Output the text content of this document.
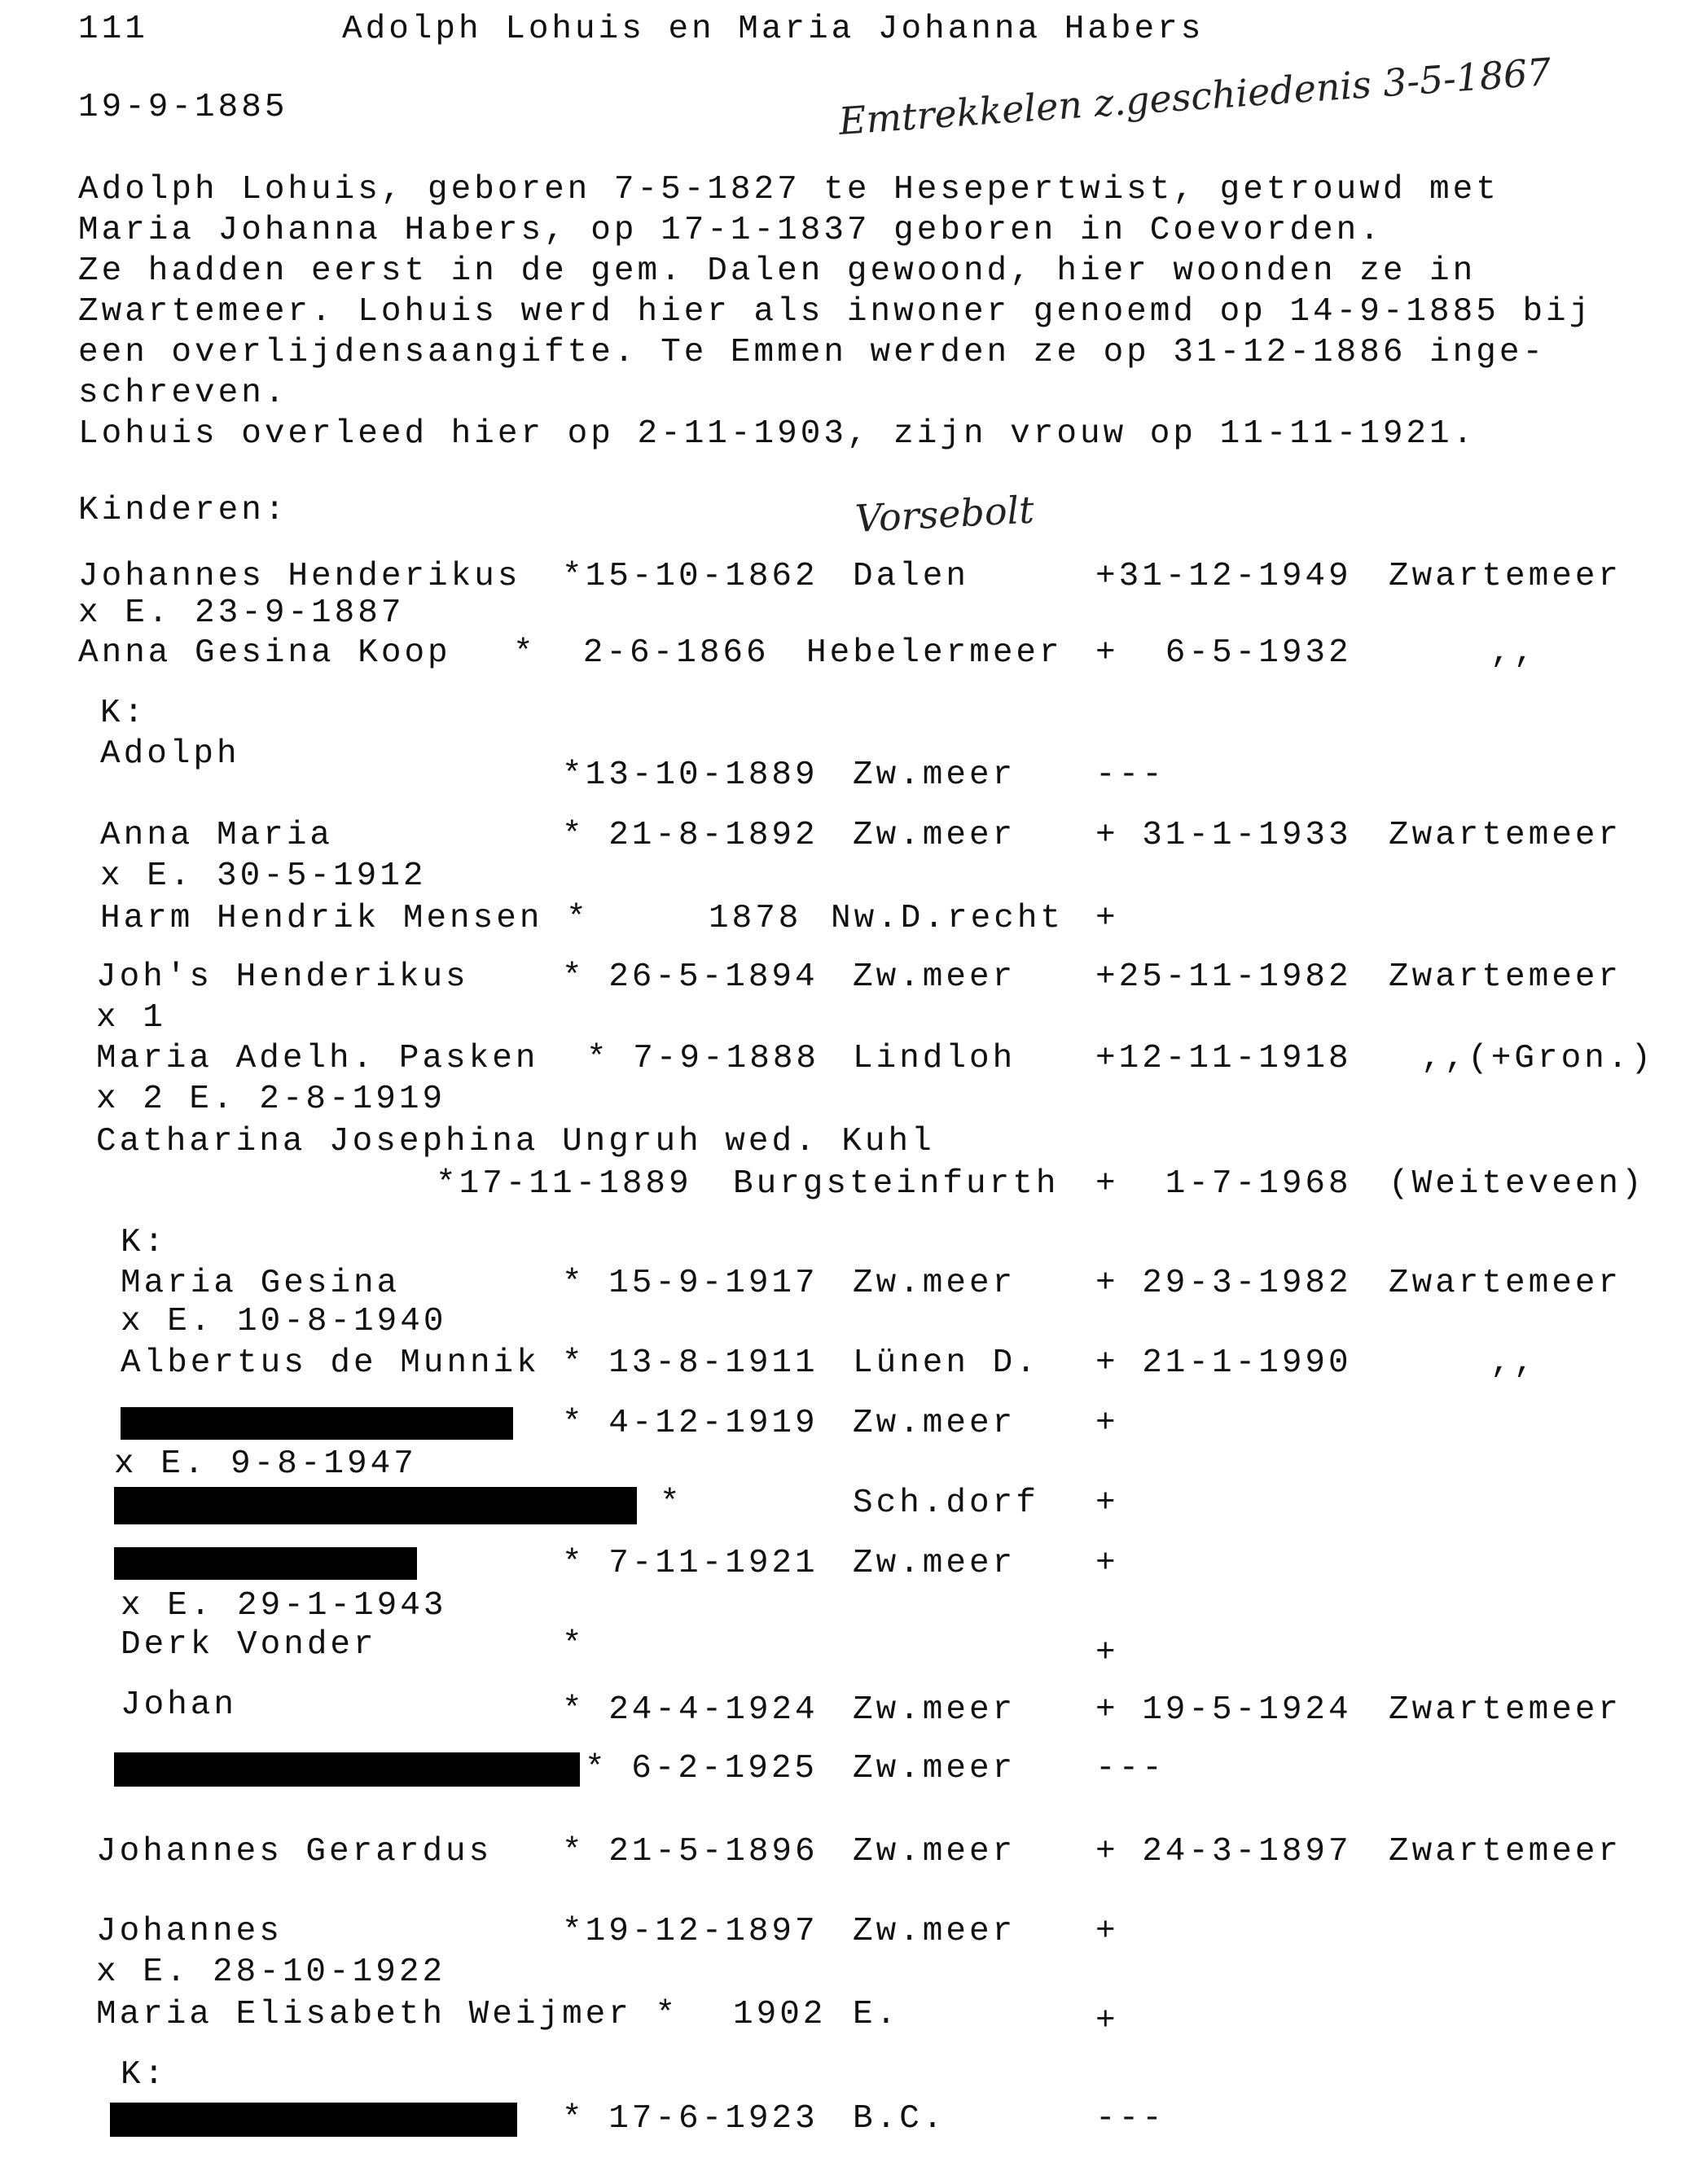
111	Adolph Lohuis en Maria Johanna Habers
19-9-1885	Emtrekkelen z.geschiedenis 3-5-1867
Vorsebolt
Adolph Lohuis, geboren 7-5-1827 te Hesepertwist, getrouwd met
Maria Johanna Habers, op 17-1-1837 geboren in Coevorden.
Ze hadden eerst in de gem. Dalen gewoond, hier woonden ze in
Zwartemeer. Lohuis werd hier als inwoner genoemd op 14-9-1885 bij
een overlijdensaangifte. Te Emmen werden ze op 31-12-1886 inge-
schreven.
Lohuis overleed hier op 2-11-1903, zijn vrouw op 11-11-1921.
Kinderen:
Johannes Henderikus *15-10-1862 Dalen	+31-12-1949 Zwartemeer
x E. 23-9-1887
Anna Gesina Koop *  2-6-1866 Hebelermeer +  6-5-1932	,,
K:
Adolph
*13-10-1889 Zw.meer ---
Anna Maria	* 21-8-1892 Zw.meer + 31-1-1933 Zwartemeer
x E. 30-5-1912
Harm Hendrik Mensen *	1878 Nw.D.recht +
Joh's Henderikus	* 26-5-1894 Zw.meer +25-11-1982 Zwartemeer
x 1
Maria Adelh. Pasken * 7-9-1888 Lindloh +12-11-1918 ,,(+Gron.)
x 2 E. 2-8-1919
Catharina Josephina Ungruh wed. Kuhl
*17-11-1889 Burgsteinfurth +  1-7-1968 (Weiteveen)
K:
Maria Gesina	* 15-9-1917 Zw.meer + 29-3-1982 Zwartemeer
x E. 10-8-1940
Albertus de Munnik * 13-8-1911 Lünen D. + 21-1-1990	,,
* 4-12-1919 Zw.meer +
x E. 9-8-1947
*	Sch.dorf +
* 7-11-1921 Zw.meer +
x E. 29-1-1943
Derk Vonder	*	+
Johan	* 24-4-1924 Zw.meer + 19-5-1924 Zwartemeer
* 6-2-1925 Zw.meer ---
Johannes Gerardus * 21-5-1896 Zw.meer + 24-3-1897 Zwartemeer
Johannes	*19-12-1897 Zw.meer +
x E. 28-10-1922
Maria Elisabeth Weijmer * 1902 E.	+
K:
* 17-6-1923 B.C.	---
